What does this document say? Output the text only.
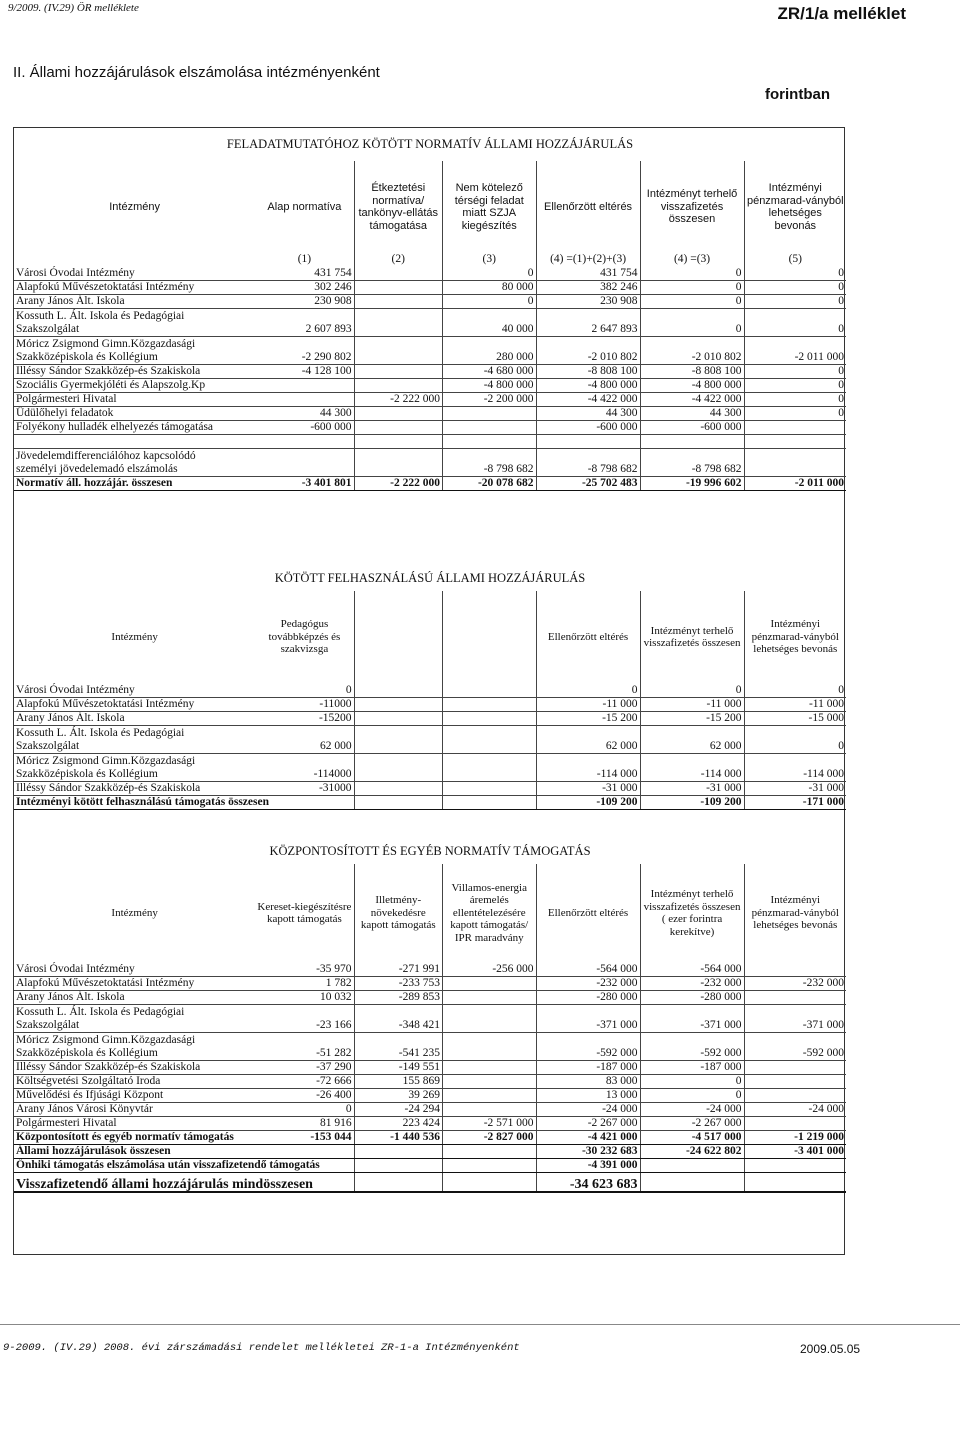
9/2009. (IV.29) ÖR melléklete	ZR/1/a melléklet
II. Állami hozzájárulások elszámolása intézményenként
forintban
FELADATMUTATÓHOZ KÖTÖTT NORMATÍV ÁLLAMI HOZZÁJÁRULÁS
Intézmény	Alap normatíva	Étkeztetési normatíva/ tankönyv-ellátás támogatása	Nem kötelező térségi feladat miatt SZJA kiegészítés	Ellenőrzött eltérés	Intézményt terhelő visszafizetés összesen	Intézményi pénzmarad-ványból lehetséges bevonás
	(1)	(2)	(3)	(4) =(1)+(2)+(3)	(4) =(3)	(5)
Városi Óvodai Intézmény	431 754		0	431 754	0	0
Alapfokú Művészetoktatási Intézmény	302 246		80 000	382 246	0	0
Arany János Ált. Iskola	230 908		0	230 908	0	0
Kossuth L. Ált. Iskola és Pedagógiai
Szakszolgálat	2 607 893		40 000	2 647 893	0	0
Móricz Zsigmond Gimn.Közgazdasági
Szakközépiskola és Kollégium	-2 290 802		280 000	-2 010 802	-2 010 802	-2 011 000
Illéssy Sándor Szakközép-és Szakiskola	-4 128 100		-4 680 000	-8 808 100	-8 808 100	0
Szociális Gyermekjóléti és Alapszolg.Kp			-4 800 000	-4 800 000	-4 800 000	0
Polgármesteri Hivatal		-2 222 000	-2 200 000	-4 422 000	-4 422 000	0
Üdülőhelyi feladatok	44 300			44 300	44 300	0
Folyékony hulladék elhelyezés támogatása	-600 000			-600 000	-600 000	

Jövedelemdifferenciálóhoz kapcsolódó
személyi jövedelemadó elszámolás			-8 798 682	-8 798 682	-8 798 682	
Normatív áll. hozzájár. összesen	-3 401 801	-2 222 000	-20 078 682	-25 702 483	-19 996 602	-2 011 000
KÖTÖTT FELHASZNÁLÁSÚ ÁLLAMI HOZZÁJÁRULÁS
Intézmény	Pedagógus továbbképzés és szakvizsga			Ellenőrzött eltérés	Intézményt terhelő visszafizetés összesen	Intézményi pénzmarad-ványból lehetséges bevonás
Városi Óvodai Intézmény	0			0	0	0
Alapfokú Művészetoktatási Intézmény	-11000			-11 000	-11 000	-11 000
Arany János Ált. Iskola	-15200			-15 200	-15 200	-15 000
Kossuth L. Ált. Iskola és Pedagógiai
Szakszolgálat	62 000			62 000	62 000	0
Móricz Zsigmond Gimn.Közgazdasági
Szakközépiskola és Kollégium	-114000			-114 000	-114 000	-114 000
Illéssy Sándor Szakközép-és Szakiskola	-31000			-31 000	-31 000	-31 000
Intézményi kötött felhasználású támogatás összesen				-109 200	-109 200	-171 000
KÖZPONTOSÍTOTT ÉS EGYÉB NORMATÍV TÁMOGATÁS
Intézmény	Kereset-kiegészítésre kapott támogatás	Illetmény-növekedésre kapott támogatás	Villamos-energia áremelés ellentételezésére kapott támogatás/ IPR maradvány	Ellenőrzött eltérés	Intézményt terhelő visszafizetés összesen ( ezer forintra kerekítve)	Intézményi pénzmarad-ványból lehetséges bevonás
Városi Óvodai Intézmény	-35 970	-271 991	-256 000	-564 000	-564 000	
Alapfokú Művészetoktatási Intézmény	1 782	-233 753		-232 000	-232 000	-232 000
Arany János Ált. Iskola	10 032	-289 853		-280 000	-280 000	
Kossuth L. Ált. Iskola és Pedagógiai
Szakszolgálat	-23 166	-348 421		-371 000	-371 000	-371 000
Móricz Zsigmond Gimn.Közgazdasági
Szakközépiskola és Kollégium	-51 282	-541 235		-592 000	-592 000	-592 000
Illéssy Sándor Szakközép-és Szakiskola	-37 290	-149 551		-187 000	-187 000	
Költségvetési Szolgáltató Iroda	-72 666	155 869		83 000	0	
Művelődési és Ifjúsági Központ	-26 400	39 269		13 000	0	
Arany János Városi Könyvtár	0	-24 294		-24 000	-24 000	-24 000
Polgármesteri Hivatal	81 916	223 424	-2 571 000	-2 267 000	-2 267 000	
Központosított és egyéb normatív támogatás	-153 044	-1 440 536	-2 827 000	-4 421 000	-4 517 000	-1 219 000
Állami hozzájárulások összesen				-30 232 683	-24 622 802	-3 401 000
Önhiki támogatás elszámolása után visszafizetendő támogatás				-4 391 000		
Visszafizetendő állami hozzájárulás mindösszesen				-34 623 683		
9-2009. (IV.29) 2008. évi zárszámadási rendelet mellékletei ZR-1-a Intézményenként	2009.05.05
